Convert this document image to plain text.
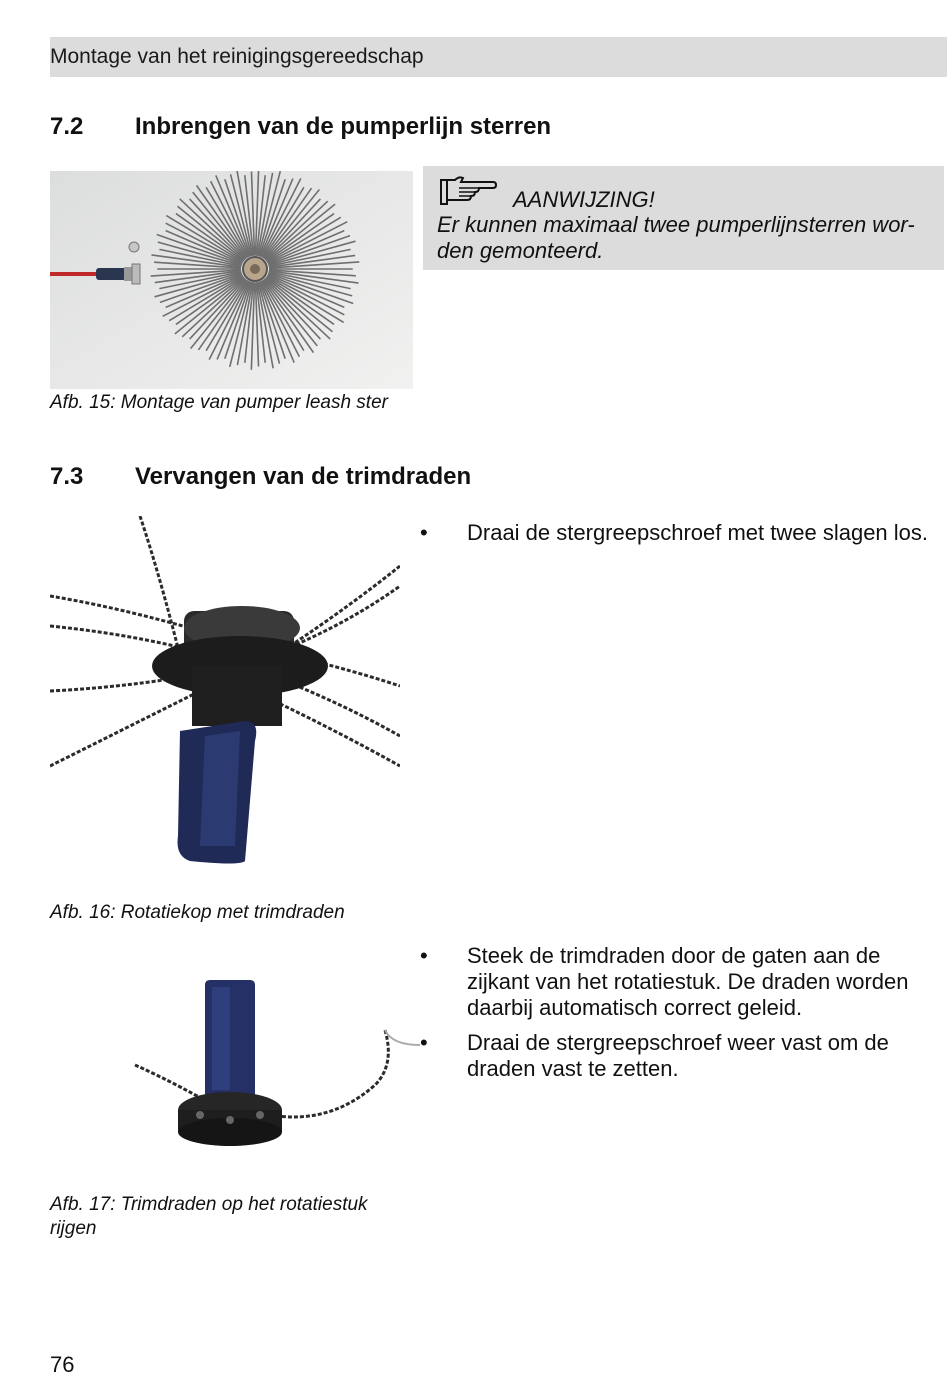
Montage van het reinigingsgereedschap
7.2 Inbrengen van de pumperlijn sterren
Afb. 15: Montage van pumper leash ster
AANWIJZING!
Er kunnen maximaal twee pumperlijnsterren wor-den gemonteerd.
7.3 Vervangen van de trimdraden
Afb. 16: Rotatiekop met trimdraden
Afb. 17: Trimdraden op het rotatiestuk rijgen
• Draai de stergreepschroef met twee slagen los.
• Steek de trimdraden door de gaten aan de zijkant van het rotatiestuk. De draden worden daarbij automatisch correct geleid.
• Draai de stergreepschroef weer vast om de draden vast te zetten.
76
